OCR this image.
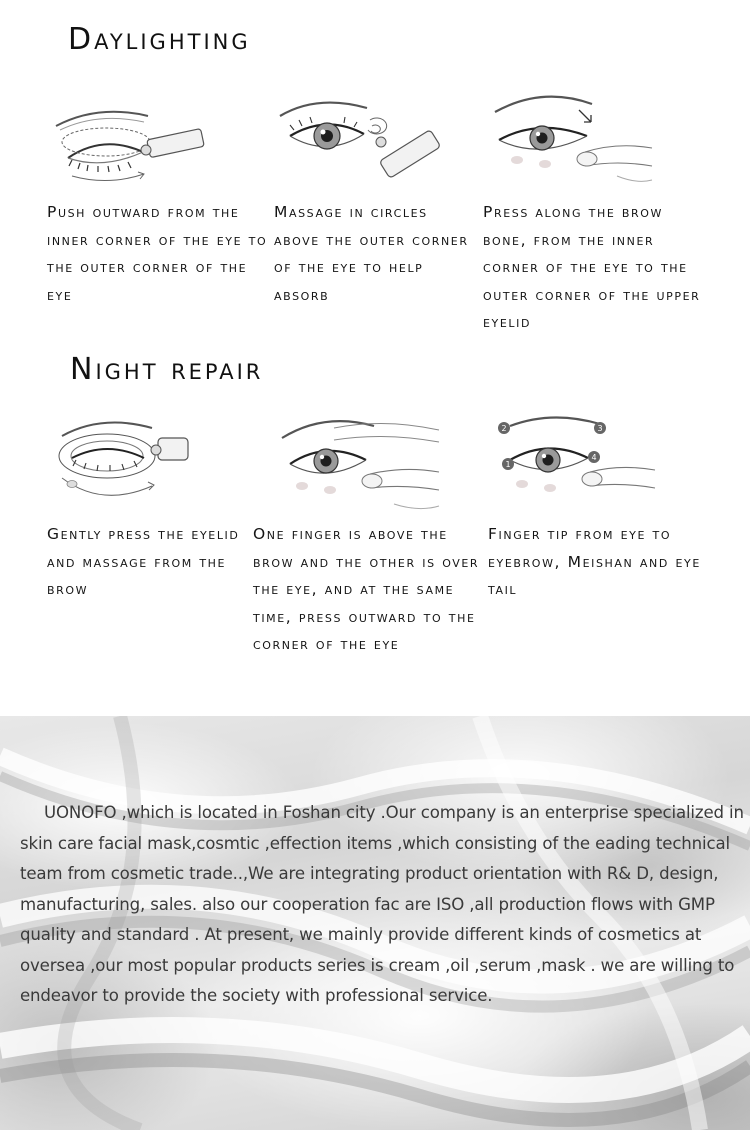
Daylighting

Push outward from the inner corner of the eye to the outer corner of the eye

Massage in circles above the outer corner of the eye to help absorb

Press along the brow bone, from the inner corner of the eye to the outer corner of the upper eyelid

Night repair
1
2	3
4

Gently press the eyelid and massage from the brow

One finger is above the brow and the other is over the eye, and at the same time, press outward to the corner of the eye

Finger tip from eye to eyebrow, Meishan and eye tail

UONOFO ,which is located in Foshan city .Our company is an enterprise specialized in skin care facial mask,cosmtic ,effection items ,which consisting of the eading technical team from cosmetic trade..,We are integrating product orientation with R& D, design, manufacturing, sales. also our cooperation fac are ISO ,all production flows with GMP quality and standard . At present, we mainly provide different kinds of cosmetics at oversea ,our most popular products series is cream ,oil ,serum ,mask . we are willing to endeavor to provide the society with professional service.
